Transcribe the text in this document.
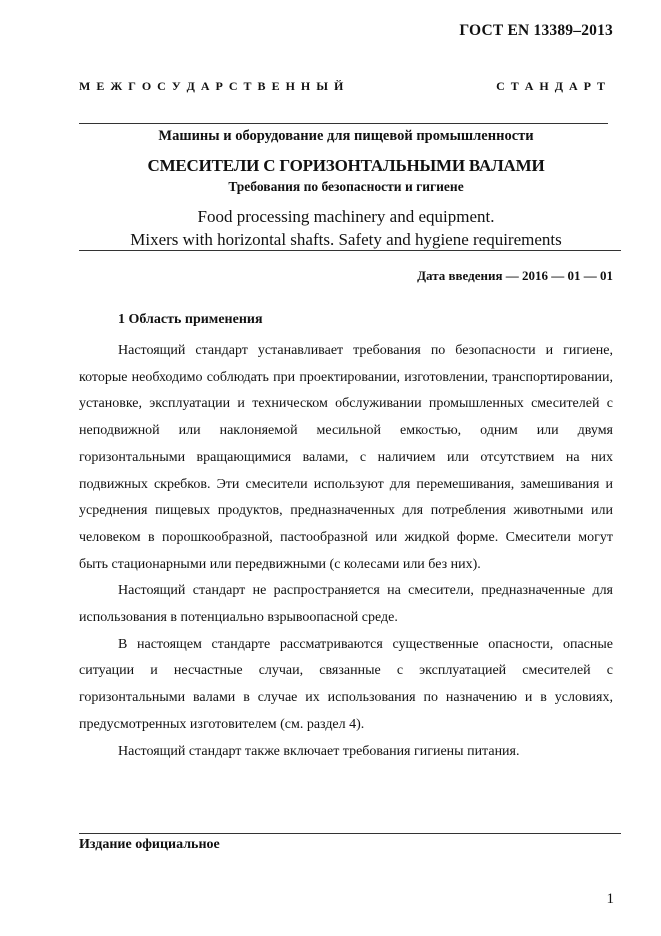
ГОСТ EN 13389–2013
М Е Ж Г О С У Д А Р С Т В Е Н Н Ы Й	С Т А Н Д А Р Т
Машины и оборудование для пищевой промышленности
СМЕСИТЕЛИ С ГОРИЗОНТАЛЬНЫМИ ВАЛАМИ
Требования по безопасности и гигиене
Food processing machinery and equipment.
Mixers with horizontal shafts. Safety and hygiene requirements
Дата введения — 2016 — 01 — 01
1 Область применения

Настоящий стандарт устанавливает требования по безопасности и гигиене, которые необходимо соблюдать при проектировании, изготовлении, транспортировании, установке, эксплуатации и техническом обслуживании промышленных смесителей с неподвижной или наклоняемой месильной емкостью, одним или двумя горизонтальными вращающимися валами, с наличием или отсутствием на них подвижных скребков. Эти смесители используют для перемешивания, замешивания и усреднения пищевых продуктов, предназначенных для потребления животными или человеком в порошкообразной, пастообразной или жидкой форме. Смесители могут быть стационарными или передвижными (с колесами или без них).

Настоящий стандарт не распространяется на смесители, предназначенные для использования в потенциально взрывоопасной среде.

В настоящем стандарте рассматриваются существенные опасности, опасные ситуации и несчастные случаи, связанные с эксплуатацией смесителей с горизонтальными валами в случае их использования по назначению и в условиях, предусмотренных изготовителем (см. раздел 4).

Настоящий стандарт также включает требования гигиены питания.

Издание официальное
1
